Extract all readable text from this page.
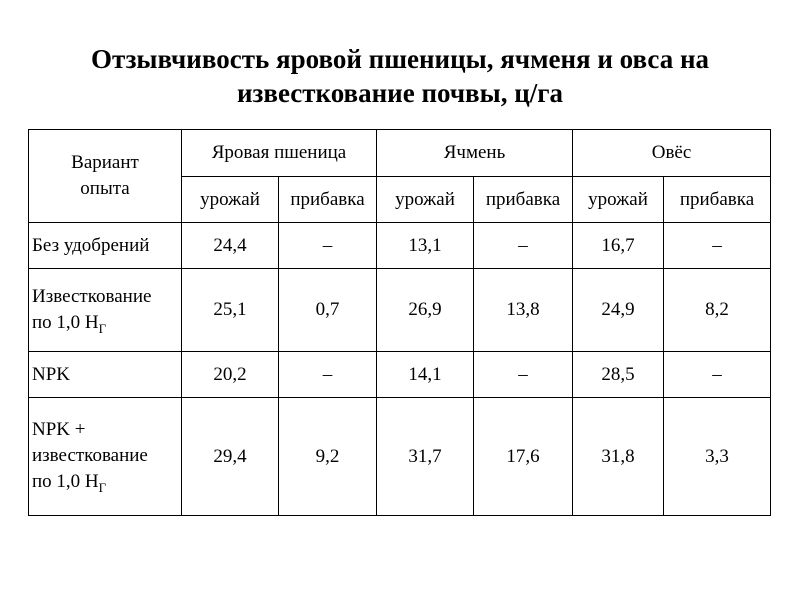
Отзывчивость яровой пшеницы, ячменя и овса на
известкование почвы, ц/га
Вариант
опыта	Яровая пшеница		Ячмень		Овёс	
	урожай	прибавка	урожай	прибавка	урожай	прибавка

Без удобрений	24,4	–	13,1	–	16,7	–

Известкование
по 1,0 $Н_Г$	25,1	0,7	26,9	13,8	24,9	8,2

NPK	20,2	–	14,1	–	28,5	–

NPK +
известкование
по 1,0 $Н_Г$	29,4	9,2	31,7	17,6	31,8	3,3
